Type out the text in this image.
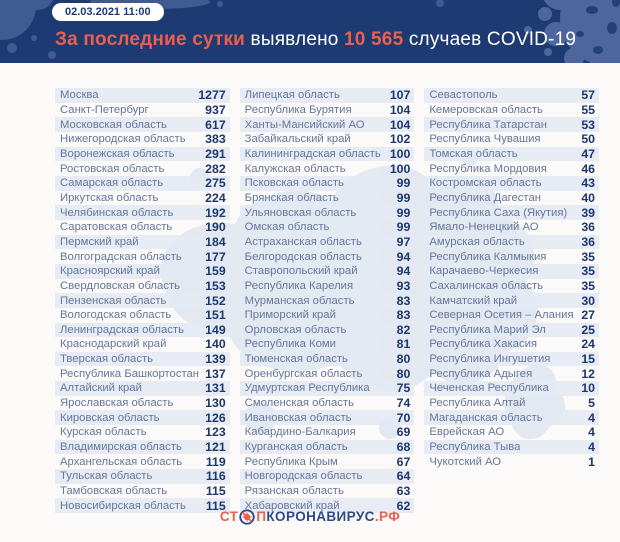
02.03.2021 11:00
За последние сутки выявлено 10 565 случаев COVID-19
Москва	1277
Санкт-Петербург	937
Московская область	617
Нижегородская область 383
Воронежская область 291
Ростовская область	282
Самарская область	275
Иркутская область	224
Челябинская область	192
Саратовская область	190
Пермский край	184
Волгоградская область 177
Красноярский край	159
Свердловская область 153
Пензенская область	152
Вологодская область	151
Ленинградская область 149
Краснодарский край	140
Тверская область	139
Республика Башкортостан 137
Алтайский край	131
Ярославская область	130
Кировская область	126
Курская область	123
Владимирская область 121
Архангельская область 119
Тульская область	116
Тамбовская область	115
Новосибирская область 115
Липецкая область	107
Республика Бурятия	104
Ханты-Мансийский АО 104
Забайкальский край	102
Калининградская область 100
Калужская область	100
Псковская область	99
Брянская область	99
Ульяновская область	99
Омская область	99
Астраханская область	97
Белгородская область	94
Ставропольский край	94
Республика Карелия	93
Мурманская область	83
Приморский край	83
Орловская область	82
Республика Коми	81
Тюменская область	80
Оренбургская область	80
Удмуртская Республика 75
Смоленская область	74
Ивановская область	70
Кабардино-Балкария	69
Курганская область	68
Республика Крым	67
Новгородская область	64
Рязанская область	63
Хабаровский край	62
Севастополь	57
Кемеровская область	55
Республика Татарстан	53
Республика Чувашия	50
Томская область	47
Республика Мордовия	46
Костромская область	43
Республика Дагестан	40
Республика Саха (Якутия) 39
Ямало-Ненецкий АО	36
Амурская область	36
Республика Калмыкия	35
Карачаево-Черкесия	35
Сахалинская область	35
Камчатский край	30
Северная Осетия – Алания 27
Республика Марий Эл	25
Республика Хакасия	24
Республика Ингушетия	15
Республика Адыгея	12
Чеченская Республика	10
Республика Алтай	5
Магаданская область	4
Еврейская АО	4
Республика Тыва	4
Чукотский АО	1
СТ П КОРОНАВИРУС .РФ
